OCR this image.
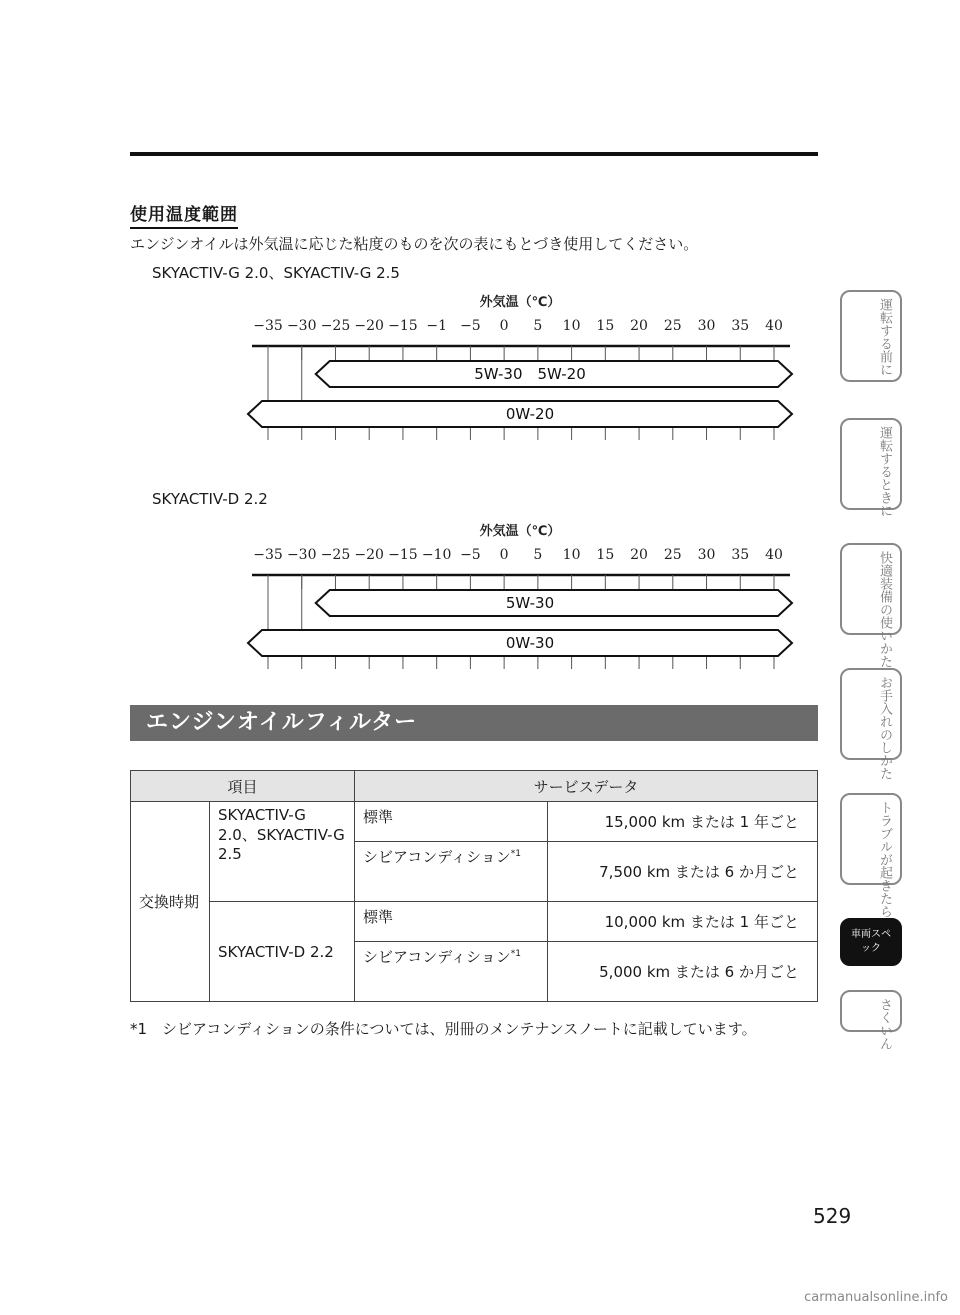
使用温度範囲
エンジンオイルは外気温に応じた粘度のものを次の表にもとづき使用してください。
SKYACTIV-G 2.0、SKYACTIV-G 2.5
外気温（℃）
−35 −30 −25 −20 −15 −1 −5 0 5 10 15 20 25 30 35 40
5W-30　5W-20
0W-20
SKYACTIV-D 2.2
外気温（℃）
−35 −30 −25 −20 −15 −10 −5 0 5 10 15 20 25 30 35 40
5W-30
0W-30
エンジンオイルフィルター
項目		サービスデータ	
交換時期	SKYACTIV-G 2.0、SKYACTIV-G 2.5	標準	15,000 km または 1 年ごと
		シビアコンディション$^{*1}$	7,500 km または 6 か月ごと
	SKYACTIV-D 2.2	標準	10,000 km または 1 年ごと
		シビアコンディション$^{*1}$	5,000 km または 6 か月ごと
*1 シビアコンディションの条件については、別冊のメンテナンスノートに記載しています。
運転する前に
運転するときに
快適装備の使いかた
お手入れのしかた
トラブルが起きたら
車両スペック
さくいん
529
carmanualsonline.info
